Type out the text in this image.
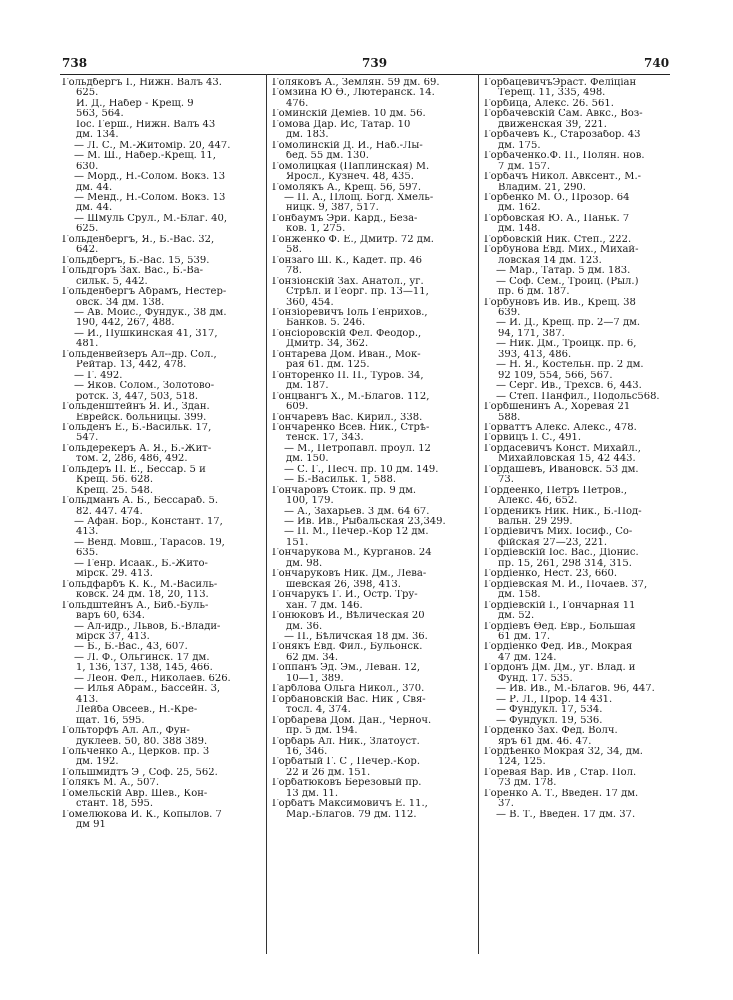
738	739	740
Гольдбергъ I., Нижн. Валъ 43.
625.
И. Д., Набер - Крещ. 9
563, 564.
Іос. Герш., Нижн. Валъ 43
дм. 134.
— Л. С., М.-Житомір. 20, 447.
— М. Ш., Набер.-Крещ. 11,
630.
— Морд., Н.-Солом. Вокз. 13
дм. 44.
— Менд., Н.-Солом. Вокз. 13
дм. 44.
— Шмуль Срул., М.-Благ. 40,
625.
Гольденбергъ, Я., Б.-Вас. 32,
642.
Гольдбергъ, Б.-Вас. 15, 539.
Гольдгоръ Зах. Вас., Б.-Ва-
сильк. 5, 442.
Гольденбергъ Абрамъ, Нестер-
овск. 34 дм. 138.
— Ав. Моис., Фундук., 38 дм.
190, 442, 267, 488.
— И., Пушкинская 41, 317,
481.
Гольденвейзеръ Ал--др. Сол.,
Рейтар. 13, 442, 478.
— Г. 492.
— Яков. Солом., Золотово-
ротск. 3, 447, 503, 518.
Гольденштейнъ Я. И., Здан.
Еврейск. больницы. 399.
Гольденъ Е., Б.-Васильк. 17,
547.
Гольдерекеръ А. Я., Б.-Жит-
том. 2, 286, 486, 492.
Гольдеръ П. Е., Бессар. 5 и
Крещ. 56. 628.
Крещ. 25. 548.
Гольдманъ А. Б., Бессараб. 5.
82. 447. 474.
— Афан. Бор., Констант. 17,
413.
— Венд. Мовш., Тарасов. 19,
635.
— Генр. Исаак., Б.-Житo-
мірск. 29. 413.
Гольдфарбъ К. К., М.-Василь-
ковск. 24 дм. 18, 20, 113.
Гольдштейнъ А., Биб.-Буль-
варъ 60, 634.
— Ал-идр., Львов, Б.-Влади-
мірск 37, 413.
— Б., Б.-Вас., 43, 607.
— Л. Ф., Ольгинск. 17 дм.
1, 136, 137, 138, 145, 466.
— Леон. Фел., Николаев. 626.
— Илья Абрам., Бассейн. 3,
413.
Лейба Овсеев., Н.-Кре-
щат. 16, 595.
Гольторфъ Ал. Ал., Фун-
дуклеев. 50, 80. 388 389.
Гольченко А., Церков. пр. 3
дм. 192.
Гольшмидтъ Э , Соф. 25, 562.
Голякъ М. А., 507.
Гомельскій Авр. Шев., Кон-
стант. 18, 595.
Гомелюкова И. К., Копылов. 7
дм 91
Голяковъ А., Землян. 59 дм. 69.
Гомзина Ю Ө., Лютеранск. 14.
476.
Гоминскій Деміев. 10 дм. 56.
Гомова Дар. Ис, Татар. 10
дм. 183.
Гомолинскій Д. И., Наб.-Лы-
бед. 55 дм. 130.
Гомолицкая (Паплинская) М.
Яросл., Кузнеч. 48, 435.
Гомолякъ А., Крещ. 56, 597.
— П. А., Площ. Богд. Хмель-
ницк. 9, 387, 517.
Гонбаумъ Эри. Кард., Беза-
ков. 1, 275.
Гонженко Ф. Е., Дмитр. 72 дм.
58.
Гонзаго Ш. К., Кадет. пр. 46
78.
Гонзіонскій Зах. Анатол., уг.
Стрѣл. и Георг. пр. 13—11,
360, 454.
Гонзіоревичъ Іоль Генрихов.,
Банков. 5. 246.
Гонсіоровскій Фел. Феодор.,
Дмитр. 34, 362.
Гонтарева Дом. Иван., Мок-
рая 61. дм. 125.
Гонторенко П. П., Туров. 34,
дм. 187.
Гонцвангъ Х., М.-Благов. 112,
609.
Гончаревъ Вас. Кирил., 338.
Гончаренко Всев. Ник., Стрѣ-
тенск. 17, 343.
— М., Петропавл. проул. 12
дм. 150.
— С. Г., Песч. пр. 10 дм. 149.
— Б.-Васильк. 1, 588.
Гончаровъ Стоик. пр. 9 дм.
100, 179.
— А., Захарьев. 3 дм. 64 67.
— Ив. Ив., Рыбальская 23,349.
— П. М., Печер.-Кор 12 дм.
151.
Гончарукова М., Курганов. 24
дм. 98.
Гончаруковъ Ник. Дм., Лева-
шевская 26, 398, 413.
Гончарукъ Г. И., Остр. Тру-
хан. 7 дм. 146.
Гонюковъ И., Вѣлическая 20
дм. 36.
— П., Бѣличская 18 дм. 36.
Гонякъ Евд. Фил., Бульонск.
62 дм. 34.
Гоппанъ Эд. Эм., Леван. 12,
10—1, 389.
Гарблова Ольга Никол., 370.
Горбановскій Вас. Ник , Свя-
тосл. 4, 374.
Горбарева Дом. Дан., Черноч.
пр. 5 дм. 194.
Горбарь Ал. Ник., Златоуст.
16, 346.
Горбатый Г. С , Печер.-Кор.
22 и 26 дм. 151.
Горбатюковъ Березовый пр.
13 дм. 11.
Горбатъ Максимовичъ Е. 11.,
Мар.-Благов. 79 дм. 112.
ГорбацевичъЭраст. Феліціан
Терещ. 11, 335, 498.
Горбица, Алекс. 26. 561.
Горбачевскій Сам. Авкс., Воз-
движенская 39, 221.
Горбачевъ К., Старозабор. 43
дм. 175.
Горбаченко.Ф. П., Полян. нов.
7 дм. 157.
Горбачъ Никол. Авксент., М.-
Владим. 21, 290.
Горбенко М. О., Прозор. 64
дм. 162.
Горбовская Ю. А., Паньк. 7
дм. 148.
Горбовскій Ник. Степ., 222.
Горбунова Евд. Мих., Михай-
ловская 14 дм. 123.
— Мар., Татар. 5 дм. 183.
— Соф. Сем., Троиц. (Рыл.)
пр. 6 дм. 187.
Горбуновъ Ив. Ив., Крещ. 38
639.
— И. Д., Крещ. пр. 2—7 дм.
94, 171, 387.
— Ник. Дм., Троицк. пр. 6,
393, 413, 486.
— Н. Я., Костельн. пр. 2 дм.
92 109, 554, 566, 567.
— Серг. Ив., Трехсв. 6, 443.
— Степ. Панфил., Подольс568.
Горбшенинъ А., Хоревая 21
588.
Горваттъ Алекс. Алекс., 478.
Горвицъ І. С., 491.
Гордасевичъ Конст. Михайл.,
Михайловская 15, 42 443.
Гордашевъ, Ивановск. 53 дм.
73.
Гордеенко, Петръ Петров.,
Алекс. 46, 652.
Горденикъ Ник. Ник., Б.-Под-
вальн. 29 299.
Гордіевичъ Мих. Іосиф., Со-
фійская 27—23, 221.
Гордіевскій Іос. Вас., Діонис.
пр. 15, 261, 298 314, 315.
Гордіенко, Нест. 23, 660.
Гордіевская М. И., Почаев. 37,
дм. 158.
Гордіевскій І., Гончарная 11
дм. 52.
Гордіевъ Өед. Евр., Большая
61 дм. 17.
Гордіенко Фед. Ив., Мокрая
47 дм. 124.
Гордонъ Дм. Дм., уг. Влад. и
Фунд. 17. 535.
— Ив. Ив., М.-Благов. 96, 447.
— Р. Л., Прор. 14 431.
— Фундукл. 17, 534.
— Фундукл. 19, 536.
Горденко Зах. Фед. Волч.
яръ 61 дм. 46. 47.
Гордѣенко Мокрая 32, 34, дм.
124, 125.
Горевая Вар. Ив , Стар. Пол.
73 дм. 178.
Горенко А. Т., Введен. 17 дм.
37.
— В. Т., Введен. 17 дм. 37.
